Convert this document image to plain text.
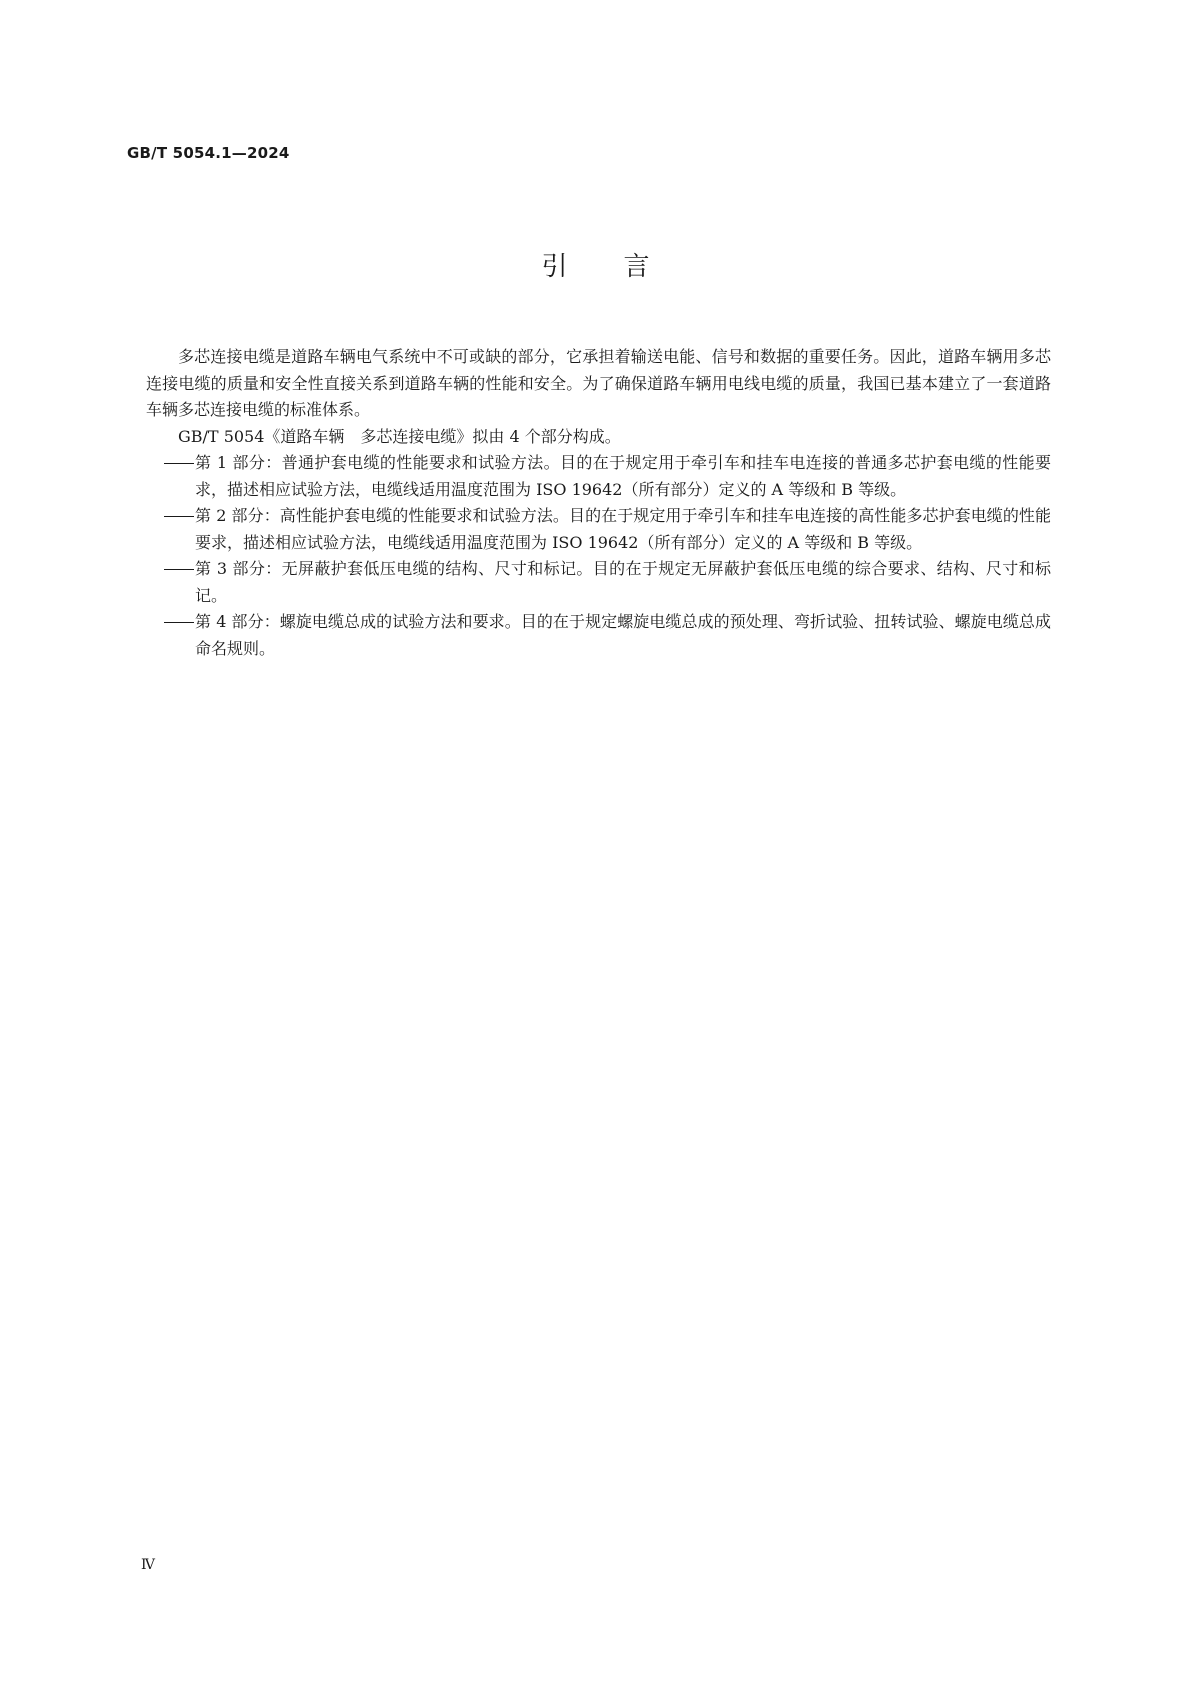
GB/T 5054.1—2024
引言

多芯连接电缆是道路车辆电气系统中不可或缺的部分，它承担着输送电能、信号和数据的重要任务。因此，道路车辆用多芯连接电缆的质量和安全性直接关系到道路车辆的性能和安全。为了确保道路车辆用电线电缆的质量，我国已基本建立了一套道路车辆多芯连接电缆的标准体系。

GB/T 5054《道路车辆　多芯连接电缆》拟由 4 个部分构成。

第 1 部分：普通护套电缆的性能要求和试验方法。目的在于规定用于牵引车和挂车电连接的普通多芯护套电缆的性能要求，描述相应试验方法，电缆线适用温度范围为 ISO 19642（所有部分）定义的 A 等级和 B 等级。
第 2 部分：高性能护套电缆的性能要求和试验方法。目的在于规定用于牵引车和挂车电连接的高性能多芯护套电缆的性能要求，描述相应试验方法，电缆线适用温度范围为 ISO 19642（所有部分）定义的 A 等级和 B 等级。
第 3 部分：无屏蔽护套低压电缆的结构、尺寸和标记。目的在于规定无屏蔽护套低压电缆的综合要求、结构、尺寸和标记。
第 4 部分：螺旋电缆总成的试验方法和要求。目的在于规定螺旋电缆总成的预处理、弯折试验、扭转试验、螺旋电缆总成命名规则。
Ⅳ
